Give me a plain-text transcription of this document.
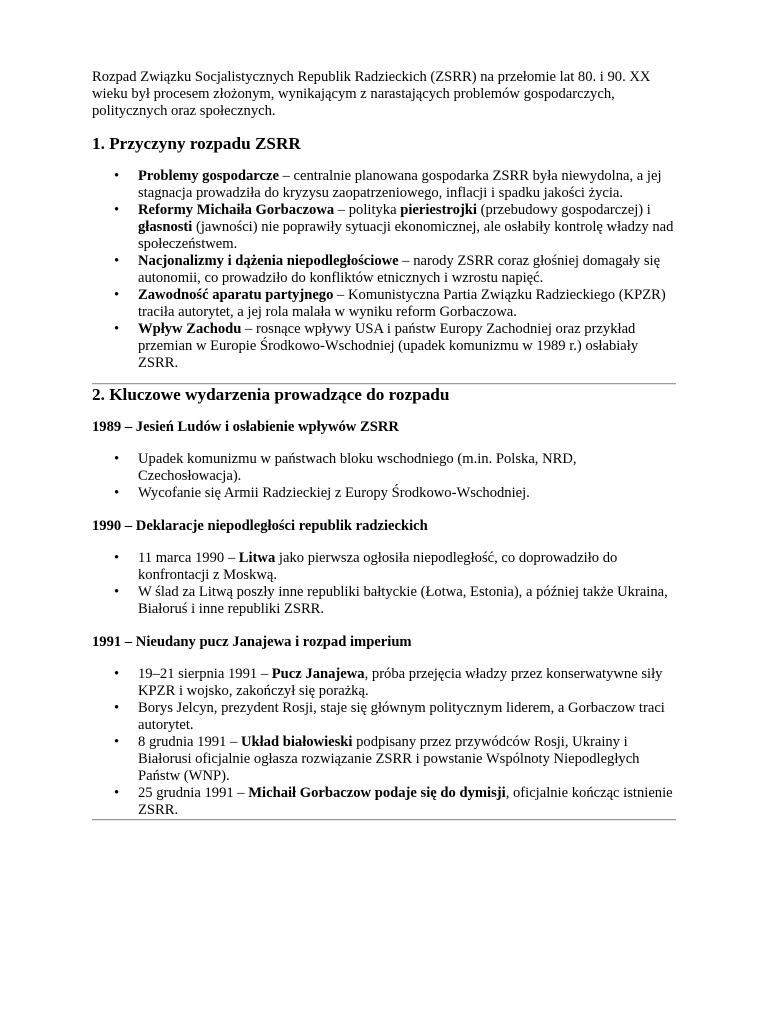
Rozpad Związku Socjalistycznych Republik Radzieckich (ZSRR) na przełomie lat 80. i 90. XX wieku był procesem złożonym, wynikającym z narastających problemów gospodarczych, politycznych oraz społecznych.

1. Przyczyny rozpadu ZSRR
• Problemy gospodarcze – centralnie planowana gospodarka ZSRR była niewydolna, a jej stagnacja prowadziła do kryzysu zaopatrzeniowego, inflacji i spadku jakości życia.
• Reformy Michaiła Gorbaczowa – polityka pieriestrojki (przebudowy gospodarczej) i głasnosti (jawności) nie poprawiły sytuacji ekonomicznej, ale osłabiły kontrolę władzy nad społeczeństwem.
• Nacjonalizmy i dążenia niepodległościowe – narody ZSRR coraz głośniej domagały się autonomii, co prowadziło do konfliktów etnicznych i wzrostu napięć.
• Zawodność aparatu partyjnego – Komunistyczna Partia Związku Radzieckiego (KPZR) traciła autorytet, a jej rola malała w wyniku reform Gorbaczowa.
• Wpływ Zachodu – rosnące wpływy USA i państw Europy Zachodniej oraz przykład przemian w Europie Środkowo-Wschodniej (upadek komunizmu w 1989 r.) osłabiały ZSRR.
2. Kluczowe wydarzenia prowadzące do rozpadu
1989 – Jesień Ludów i osłabienie wpływów ZSRR
• Upadek komunizmu w państwach bloku wschodniego (m.in. Polska, NRD, Czechosłowacja).
• Wycofanie się Armii Radzieckiej z Europy Środkowo-Wschodniej.
1990 – Deklaracje niepodległości republik radzieckich
• 11 marca 1990 – Litwa jako pierwsza ogłosiła niepodległość, co doprowadziło do konfrontacji z Moskwą.
• W ślad za Litwą poszły inne republiki bałtyckie (Łotwa, Estonia), a później także Ukraina, Białoruś i inne republiki ZSRR.
1991 – Nieudany pucz Janajewa i rozpad imperium
• 19–21 sierpnia 1991 – Pucz Janajewa, próba przejęcia władzy przez konserwatywne siły KPZR i wojsko, zakończył się porażką.
• Borys Jelcyn, prezydent Rosji, staje się głównym politycznym liderem, a Gorbaczow traci autorytet.
• 8 grudnia 1991 – Układ białowieski podpisany przez przywódców Rosji, Ukrainy i Białorusi oficjalnie ogłasza rozwiązanie ZSRR i powstanie Wspólnoty Niepodległych Państw (WNP).
• 25 grudnia 1991 – Michaił Gorbaczow podaje się do dymisji, oficjalnie kończąc istnienie ZSRR.
